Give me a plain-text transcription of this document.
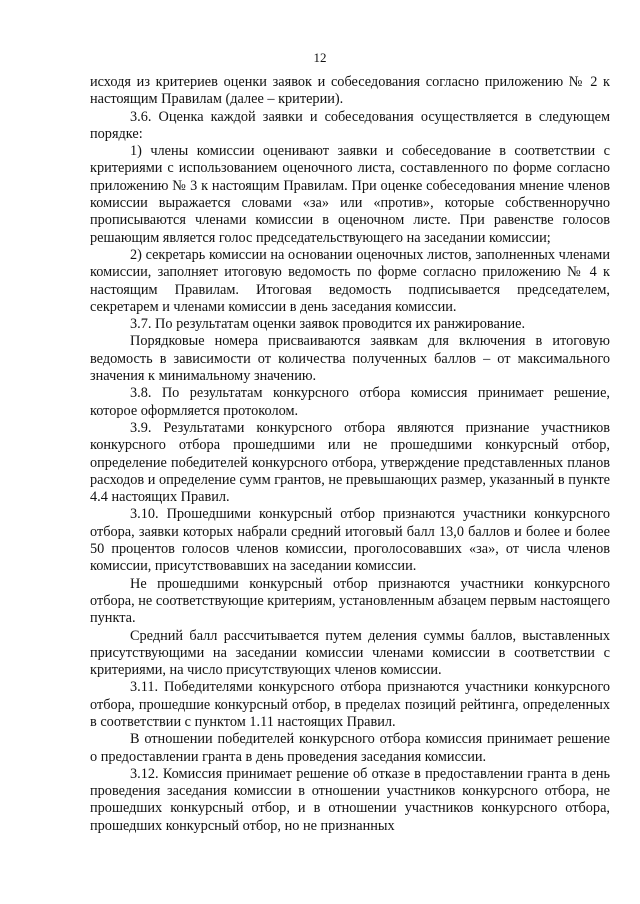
12

исходя из критериев оценки заявок и собеседования согласно приложению № 2 к настоящим Правилам (далее – критерии).

3.6. Оценка каждой заявки и собеседования осуществляется в следующем порядке:

1) члены комиссии оценивают заявки и собеседование в соответствии с критериями с использованием оценочного листа, составленного по форме согласно приложению № 3 к настоящим Правилам. При оценке собеседования мнение членов комиссии выражается словами «за» или «против», которые собственноручно прописываются членами комиссии в оценочном листе. При равенстве голосов решающим является голос председательствующего на заседании комиссии;

2) секретарь комиссии на основании оценочных листов, заполненных членами комиссии, заполняет итоговую ведомость по форме согласно приложению № 4 к настоящим Правилам. Итоговая ведомость подписывается председателем, секретарем и членами комиссии в день заседания комиссии.

3.7. По результатам оценки заявок проводится их ранжирование.

Порядковые номера присваиваются заявкам для включения в итоговую ведомость в зависимости от количества полученных баллов – от максимального значения к минимальному значению.

3.8. По результатам конкурсного отбора комиссия принимает решение, которое оформляется протоколом.

3.9. Результатами конкурсного отбора являются признание участников конкурсного отбора прошедшими или не прошедшими конкурсный отбор, определение победителей конкурсного отбора, утверждение представленных планов расходов и определение сумм грантов, не превышающих размер, указанный в пункте 4.4 настоящих Правил.

3.10. Прошедшими конкурсный отбор признаются участники конкурсного отбора, заявки которых набрали средний итоговый балл 13,0 баллов и более и более 50 процентов голосов членов комиссии, проголосовавших «за», от числа членов комиссии, присутствовавших на заседании комиссии.

Не прошедшими конкурсный отбор признаются участники конкурсного отбора, не соответствующие критериям, установленным абзацем первым настоящего пункта.

Средний балл рассчитывается путем деления суммы баллов, выставленных присутствующими на заседании комиссии членами комиссии в соответствии с критериями, на число присутствующих членов комиссии.

3.11. Победителями конкурсного отбора признаются участники конкурсного отбора, прошедшие конкурсный отбор, в пределах позиций рейтинга, определенных в соответствии с пунктом 1.11 настоящих Правил.

В отношении победителей конкурсного отбора комиссия принимает решение о предоставлении гранта в день проведения заседания комиссии.

3.12. Комиссия принимает решение об отказе в предоставлении гранта в день проведения заседания комиссии в отношении участников конкурсного отбора, не прошедших конкурсный отбор, и в отношении участников конкурсного отбора, прошедших конкурсный отбор, но не признанных
